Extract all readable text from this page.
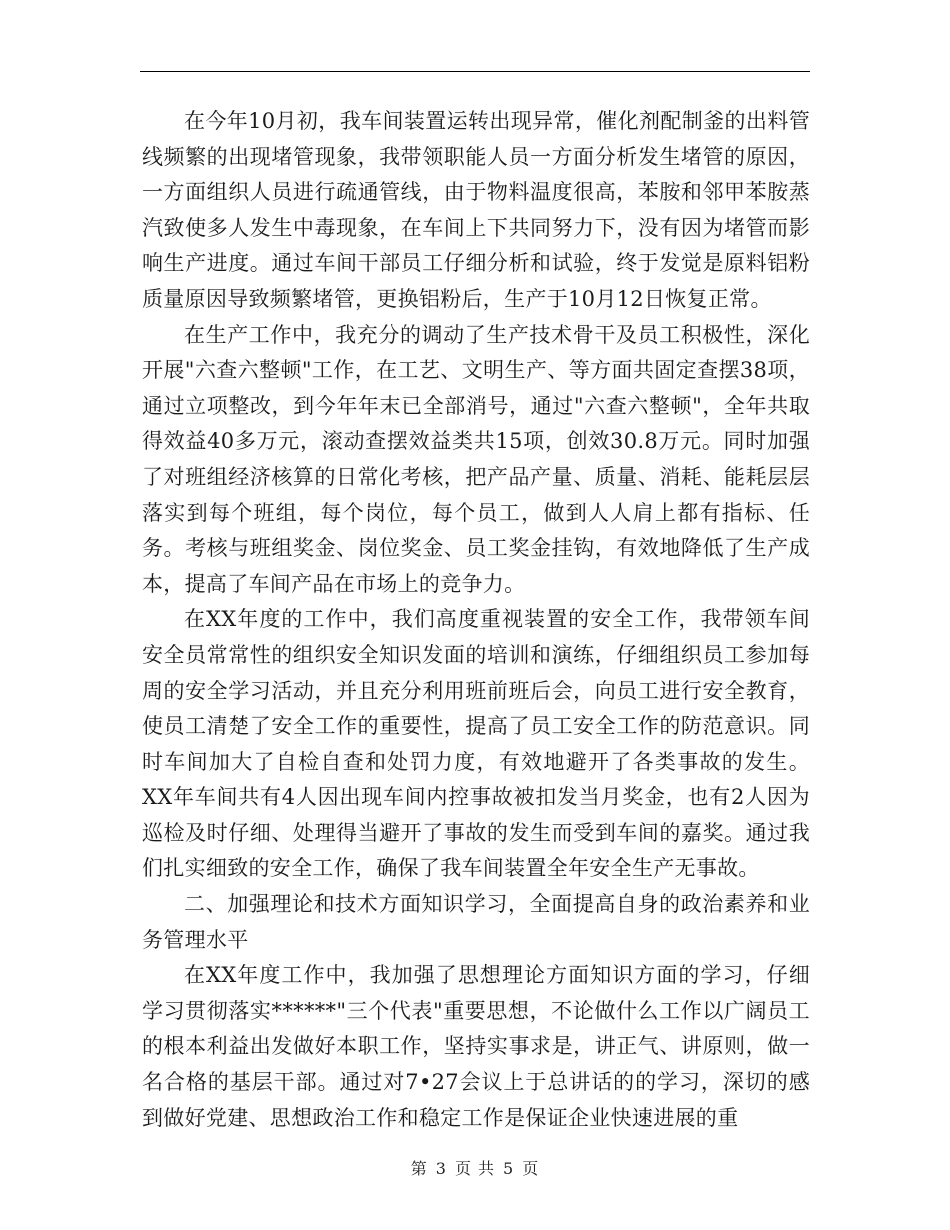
在今年10月初，我车间装置运转出现异常，催化剂配制釜的出料管线频繁的出现堵管现象，我带领职能人员一方面分析发生堵管的原因，一方面组织人员进行疏通管线，由于物料温度很高，苯胺和邻甲苯胺蒸汽致使多人发生中毒现象，在车间上下共同努力下，没有因为堵管而影响生产进度。通过车间干部员工仔细分析和试验，终于发觉是原料铝粉质量原因导致频繁堵管，更换铝粉后，生产于10月12日恢复正常。

在生产工作中，我充分的调动了生产技术骨干及员工积极性，深化开展"六查六整顿"工作，在工艺、文明生产、等方面共固定查摆38项，通过立项整改，到今年年末已全部消号，通过"六查六整顿"，全年共取得效益40多万元，滚动查摆效益类共15项，创效30.8万元。同时加强了对班组经济核算的日常化考核，把产品产量、质量、消耗、能耗层层落实到每个班组，每个岗位，每个员工，做到人人肩上都有指标、任务。考核与班组奖金、岗位奖金、员工奖金挂钩，有效地降低了生产成本，提高了车间产品在市场上的竞争力。

在XX年度的工作中，我们高度重视装置的安全工作，我带领车间安全员常常性的组织安全知识发面的培训和演练，仔细组织员工参加每周的安全学习活动，并且充分利用班前班后会，向员工进行安全教育，使员工清楚了安全工作的重要性，提高了员工安全工作的防范意识。同时车间加大了自检自查和处罚力度，有效地避开了各类事故的发生。XX年车间共有4人因出现车间内控事故被扣发当月奖金，也有2人因为巡检及时仔细、处理得当避开了事故的发生而受到车间的嘉奖。通过我们扎实细致的安全工作，确保了我车间装置全年安全生产无事故。

二、加强理论和技术方面知识学习，全面提高自身的政治素养和业务管理水平

在XX年度工作中，我加强了思想理论方面知识方面的学习，仔细学习贯彻落实******"三个代表"重要思想，不论做什么工作以广阔员工的根本利益出发做好本职工作，坚持实事求是，讲正气、讲原则，做一名合格的基层干部。通过对7•27会议上于总讲话的的学习，深切的感到做好党建、思想政治工作和稳定工作是保证企业快速进展的重

第 3 页 共 5 页
